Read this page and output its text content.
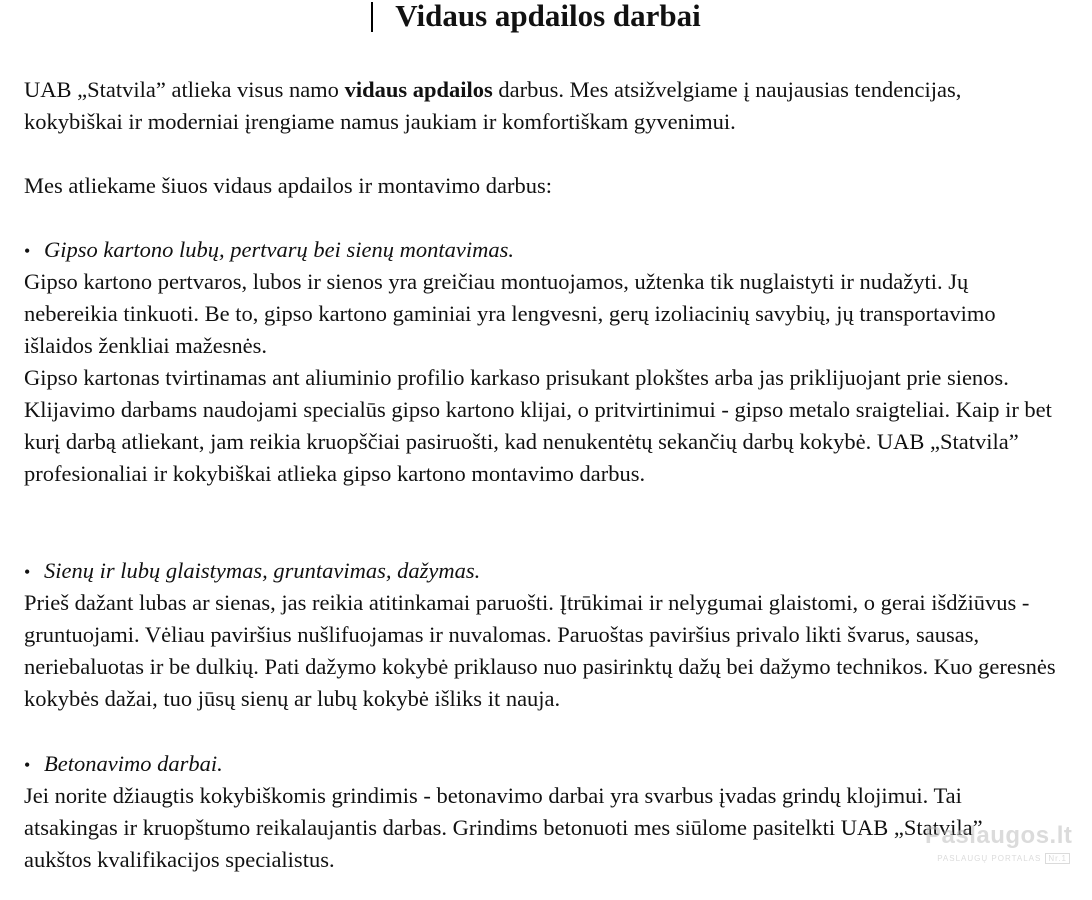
Vidaus apdailos darbai

UAB „Statvila” atlieka visus namo vidaus apdailos darbus. Mes atsižvelgiame į naujausias tendencijas, kokybiškai ir moderniai įrengiame namus jaukiam ir komfortiškam gyvenimui.

Mes atliekame šiuos vidaus apdailos ir montavimo darbus:

• Gipso kartono lubų, pertvarų bei sienų montavimas.

Gipso kartono pertvaros, lubos ir sienos yra greičiau montuojamos, užtenka tik nuglaistyti ir nudažyti. Jų nebereikia tinkuoti. Be to, gipso kartono gaminiai yra lengvesni, gerų izoliacinių savybių, jų transportavimo išlaidos ženkliai mažesnės.

Gipso kartonas tvirtinamas ant aliuminio profilio karkaso prisukant plokštes arba jas priklijuojant prie sienos. Klijavimo darbams naudojami specialūs gipso kartono klijai, o pritvirtinimui - gipso metalo sraigteliai. Kaip ir bet kurį darbą atliekant, jam reikia kruopščiai pasiruošti, kad nenukentėtų sekančių darbų kokybė. UAB „Statvila” profesionaliai ir kokybiškai atlieka gipso kartono montavimo darbus.

• Sienų ir lubų glaistymas, gruntavimas, dažymas.

Prieš dažant lubas ar sienas, jas reikia atitinkamai paruošti. Įtrūkimai ir nelygumai glaistomi, o gerai išdžiūvus - gruntuojami. Vėliau paviršius nušlifuojamas ir nuvalomas. Paruoštas paviršius privalo likti švarus, sausas, neriebaluotas ir be dulkių. Pati dažymo kokybė priklauso nuo pasirinktų dažų bei dažymo technikos. Kuo geresnės kokybės dažai, tuo jūsų sienų ar lubų kokybė išliks it nauja.

• Betonavimo darbai.

Jei norite džiaugtis kokybiškomis grindimis - betonavimo darbai yra svarbus įvadas grindų klojimui. Tai atsakingas ir kruopštumo reikalaujantis darbas. Grindims betonuoti mes siūlome pasitelkti UAB „Statvila” aukštos kvalifikacijos specialistus.

Paslaugos.lt
PASLAUGŲ PORTALAS Nr.1
